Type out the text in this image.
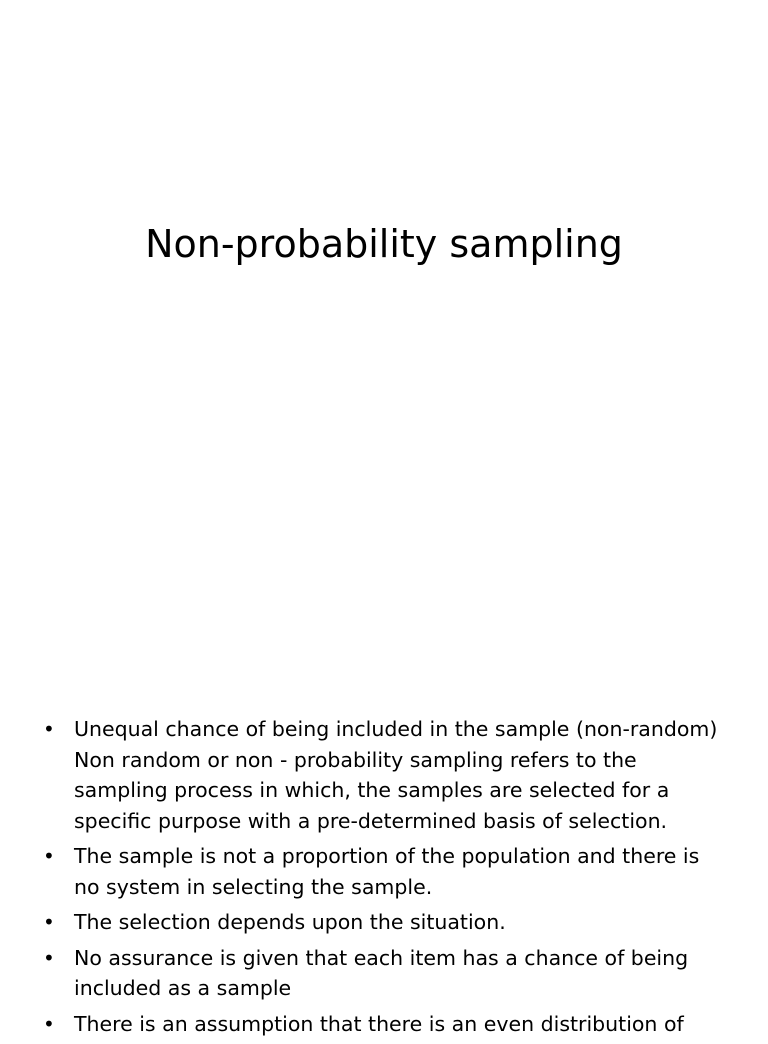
Non-probability sampling
• Unequal chance of being included in the sample (non-random) Non random or non - probability sampling refers to the sampling process in which, the samples are selected for a specific purpose with a pre-determined basis of selection.
• The sample is not a proportion of the population and there is no system in selecting the sample.
• The selection depends upon the situation.
• No assurance is given that each item has a chance of being included as a sample
• There is an assumption that there is an even distribution of
